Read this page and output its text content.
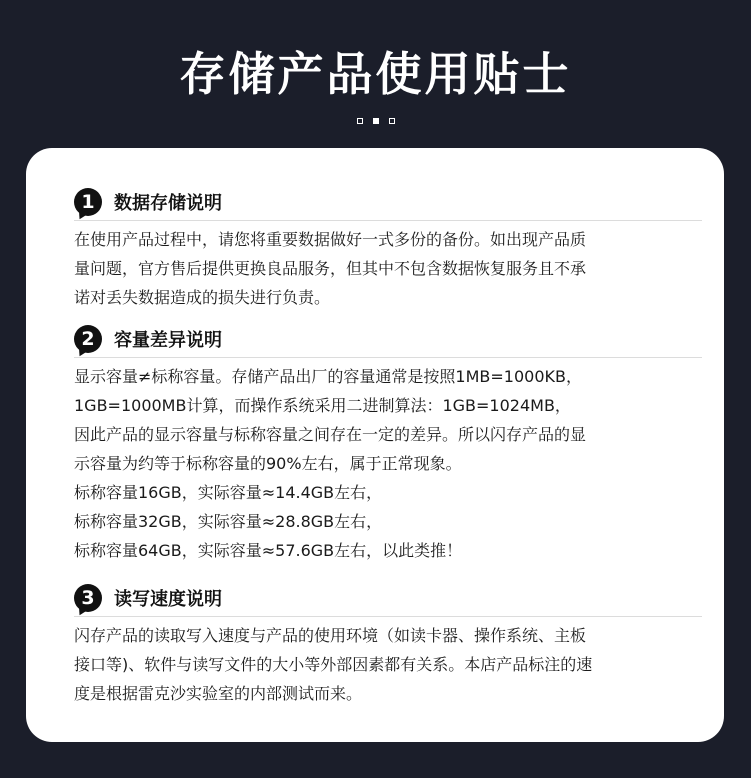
存储产品使用贴士
1	数据存储说明
在使用产品过程中，请您将重要数据做好一式多份的备份。如出现产品质
量问题，官方售后提供更换良品服务，但其中不包含数据恢复服务且不承
诺对丢失数据造成的损失进行负责。
2	容量差异说明
显示容量≠标称容量。存储产品出厂的容量通常是按照1MB=1000KB，
1GB=1000MB计算，而操作系统采用二进制算法：1GB=1024MB，
因此产品的显示容量与标称容量之间存在一定的差异。所以闪存产品的显
示容量为约等于标称容量的90%左右，属于正常现象。
标称容量16GB，实际容量≈14.4GB左右，
标称容量32GB，实际容量≈28.8GB左右，
标称容量64GB，实际容量≈57.6GB左右，以此类推！
3	读写速度说明
闪存产品的读取写入速度与产品的使用环境（如读卡器、操作系统、主板
接口等)、软件与读写文件的大小等外部因素都有关系。本店产品标注的速
度是根据雷克沙实验室的内部测试而来。
